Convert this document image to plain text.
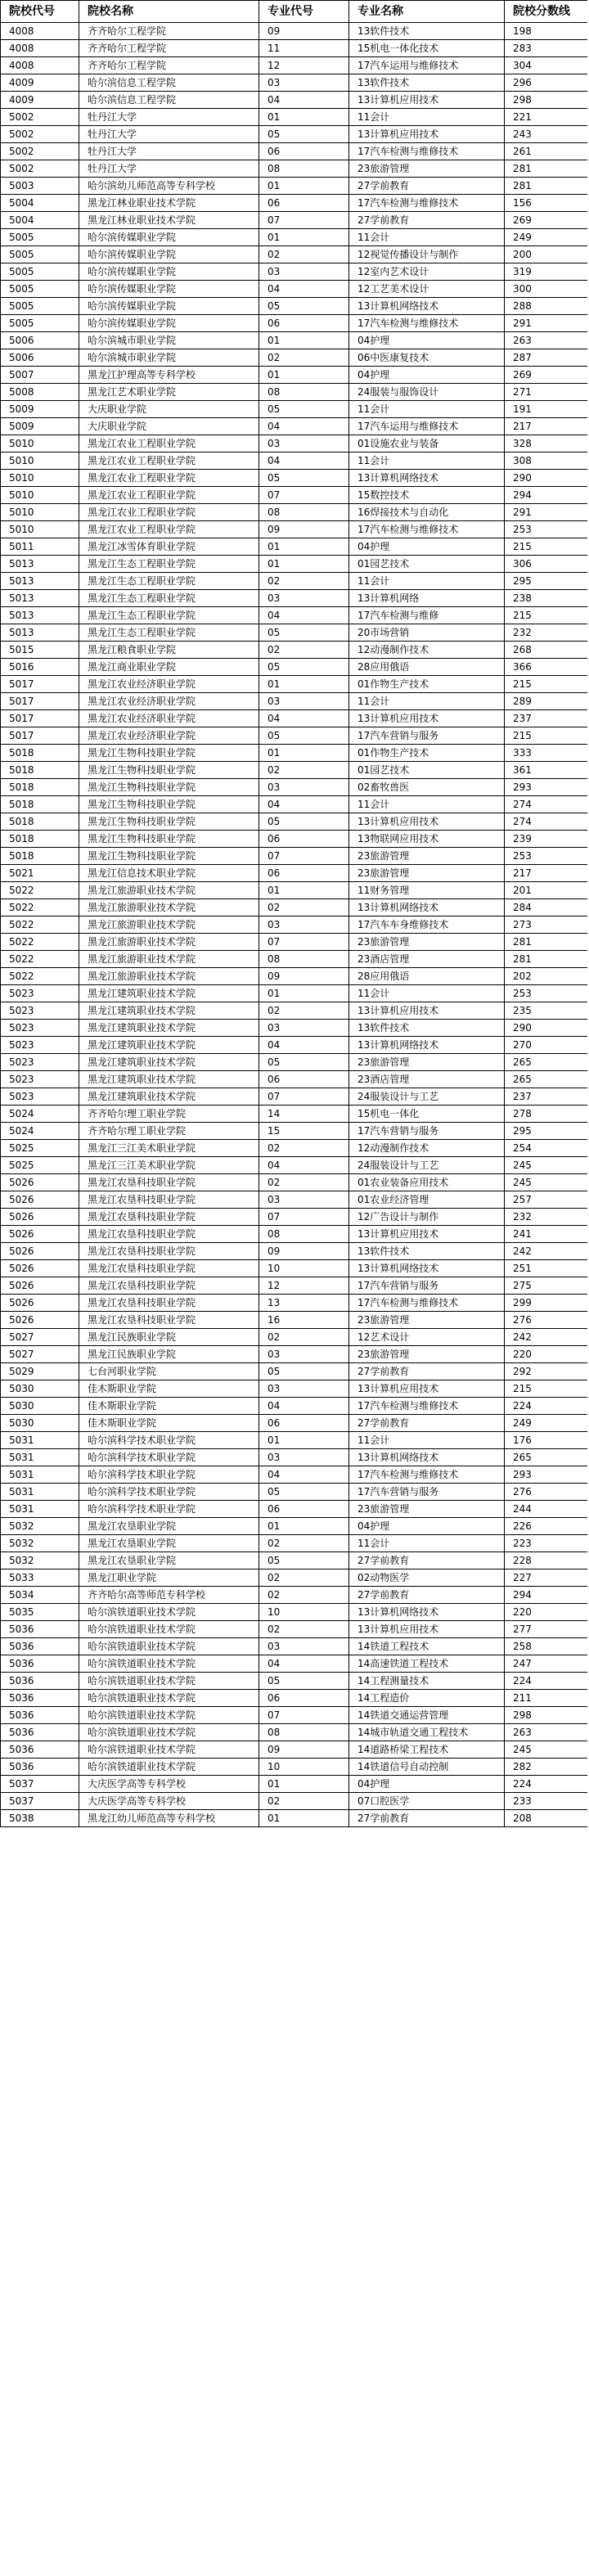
院校代号	院校名称	专业代号	专业名称	院校分数线
4008	齐齐哈尔工程学院	09	13软件技术	198
4008	齐齐哈尔工程学院	11	15机电一体化技术	283
4008	齐齐哈尔工程学院	12	17汽车运用与维修技术	304
4009	哈尔滨信息工程学院	03	13软件技术	296
4009	哈尔滨信息工程学院	04	13计算机应用技术	298
5002	牡丹江大学	01	11会计	221
5002	牡丹江大学	05	13计算机应用技术	243
5002	牡丹江大学	06	17汽车检测与维修技术	261
5002	牡丹江大学	08	23旅游管理	281
5003	哈尔滨幼儿师范高等专科学校	01	27学前教育	281
5004	黑龙江林业职业技术学院	06	17汽车检测与维修技术	156
5004	黑龙江林业职业技术学院	07	27学前教育	269
5005	哈尔滨传媒职业学院	01	11会计	249
5005	哈尔滨传媒职业学院	02	12视觉传播设计与制作	200
5005	哈尔滨传媒职业学院	03	12室内艺术设计	319
5005	哈尔滨传媒职业学院	04	12工艺美术设计	300
5005	哈尔滨传媒职业学院	05	13计算机网络技术	288
5005	哈尔滨传媒职业学院	06	17汽车检测与维修技术	291
5006	哈尔滨城市职业学院	01	04护理	263
5006	哈尔滨城市职业学院	02	06中医康复技术	287
5007	黑龙江护理高等专科学校	01	04护理	269
5008	黑龙江艺术职业学院	08	24服装与服饰设计	271
5009	大庆职业学院	05	11会计	191
5009	大庆职业学院	04	17汽车运用与维修技术	217
5010	黑龙江农业工程职业学院	03	01设施农业与装备	328
5010	黑龙江农业工程职业学院	04	11会计	308
5010	黑龙江农业工程职业学院	05	13计算机网络技术	290
5010	黑龙江农业工程职业学院	07	15数控技术	294
5010	黑龙江农业工程职业学院	08	16焊接技术与自动化	291
5010	黑龙江农业工程职业学院	09	17汽车检测与维修技术	253
5011	黑龙江冰雪体育职业学院	01	04护理	215
5013	黑龙江生态工程职业学院	01	01园艺技术	306
5013	黑龙江生态工程职业学院	02	11会计	295
5013	黑龙江生态工程职业学院	03	13计算机网络	238
5013	黑龙江生态工程职业学院	04	17汽车检测与维修	215
5013	黑龙江生态工程职业学院	05	20市场营销	232
5015	黑龙江粮食职业学院	02	12动漫制作技术	268
5016	黑龙江商业职业学院	05	28应用俄语	366
5017	黑龙江农业经济职业学院	01	01作物生产技术	215
5017	黑龙江农业经济职业学院	03	11会计	289
5017	黑龙江农业经济职业学院	04	13计算机应用技术	237
5017	黑龙江农业经济职业学院	05	17汽车营销与服务	215
5018	黑龙江生物科技职业学院	01	01作物生产技术	333
5018	黑龙江生物科技职业学院	02	01园艺技术	361
5018	黑龙江生物科技职业学院	03	02畜牧兽医	293
5018	黑龙江生物科技职业学院	04	11会计	274
5018	黑龙江生物科技职业学院	05	13计算机应用技术	274
5018	黑龙江生物科技职业学院	06	13物联网应用技术	239
5018	黑龙江生物科技职业学院	07	23旅游管理	253
5021	黑龙江信息技术职业学院	06	23旅游管理	217
5022	黑龙江旅游职业技术学院	01	11财务管理	201
5022	黑龙江旅游职业技术学院	02	13计算机网络技术	284
5022	黑龙江旅游职业技术学院	03	17汽车车身维修技术	273
5022	黑龙江旅游职业技术学院	07	23旅游管理	281
5022	黑龙江旅游职业技术学院	08	23酒店管理	281
5022	黑龙江旅游职业技术学院	09	28应用俄语	202
5023	黑龙江建筑职业技术学院	01	11会计	253
5023	黑龙江建筑职业技术学院	02	13计算机应用技术	235
5023	黑龙江建筑职业技术学院	03	13软件技术	290
5023	黑龙江建筑职业技术学院	04	13计算机网络技术	270
5023	黑龙江建筑职业技术学院	05	23旅游管理	265
5023	黑龙江建筑职业技术学院	06	23酒店管理	265
5023	黑龙江建筑职业技术学院	07	24服装设计与工艺	237
5024	齐齐哈尔理工职业学院	14	15机电一体化	278
5024	齐齐哈尔理工职业学院	15	17汽车营销与服务	295
5025	黑龙江三江美术职业学院	02	12动漫制作技术	254
5025	黑龙江三江美术职业学院	04	24服装设计与工艺	245
5026	黑龙江农垦科技职业学院	02	01农业装备应用技术	245
5026	黑龙江农垦科技职业学院	03	01农业经济管理	257
5026	黑龙江农垦科技职业学院	07	12广告设计与制作	232
5026	黑龙江农垦科技职业学院	08	13计算机应用技术	241
5026	黑龙江农垦科技职业学院	09	13软件技术	242
5026	黑龙江农垦科技职业学院	10	13计算机网络技术	251
5026	黑龙江农垦科技职业学院	12	17汽车营销与服务	275
5026	黑龙江农垦科技职业学院	13	17汽车检测与维修技术	299
5026	黑龙江农垦科技职业学院	16	23旅游管理	276
5027	黑龙江民族职业学院	02	12艺术设计	242
5027	黑龙江民族职业学院	03	23旅游管理	220
5029	七台河职业学院	05	27学前教育	292
5030	佳木斯职业学院	03	13计算机应用技术	215
5030	佳木斯职业学院	04	17汽车检测与维修技术	224
5030	佳木斯职业学院	06	27学前教育	249
5031	哈尔滨科学技术职业学院	01	11会计	176
5031	哈尔滨科学技术职业学院	03	13计算机网络技术	265
5031	哈尔滨科学技术职业学院	04	17汽车检测与维修技术	293
5031	哈尔滨科学技术职业学院	05	17汽车营销与服务	276
5031	哈尔滨科学技术职业学院	06	23旅游管理	244
5032	黑龙江农垦职业学院	01	04护理	226
5032	黑龙江农垦职业学院	02	11会计	223
5032	黑龙江农垦职业学院	05	27学前教育	228
5033	黑龙江职业学院	02	02动物医学	227
5034	齐齐哈尔高等师范专科学校	02	27学前教育	294
5035	哈尔滨铁道职业技术学院	10	13计算机网络技术	220
5036	哈尔滨铁道职业技术学院	02	13计算机应用技术	277
5036	哈尔滨铁道职业技术学院	03	14铁道工程技术	258
5036	哈尔滨铁道职业技术学院	04	14高速铁道工程技术	247
5036	哈尔滨铁道职业技术学院	05	14工程测量技术	224
5036	哈尔滨铁道职业技术学院	06	14工程造价	211
5036	哈尔滨铁道职业技术学院	07	14铁道交通运营管理	298
5036	哈尔滨铁道职业技术学院	08	14城市轨道交通工程技术	263
5036	哈尔滨铁道职业技术学院	09	14道路桥梁工程技术	245
5036	哈尔滨铁道职业技术学院	10	14铁道信号自动控制	282
5037	大庆医学高等专科学校	01	04护理	224
5037	大庆医学高等专科学校	02	07口腔医学	233
5038	黑龙江幼儿师范高等专科学校	01	27学前教育	208
